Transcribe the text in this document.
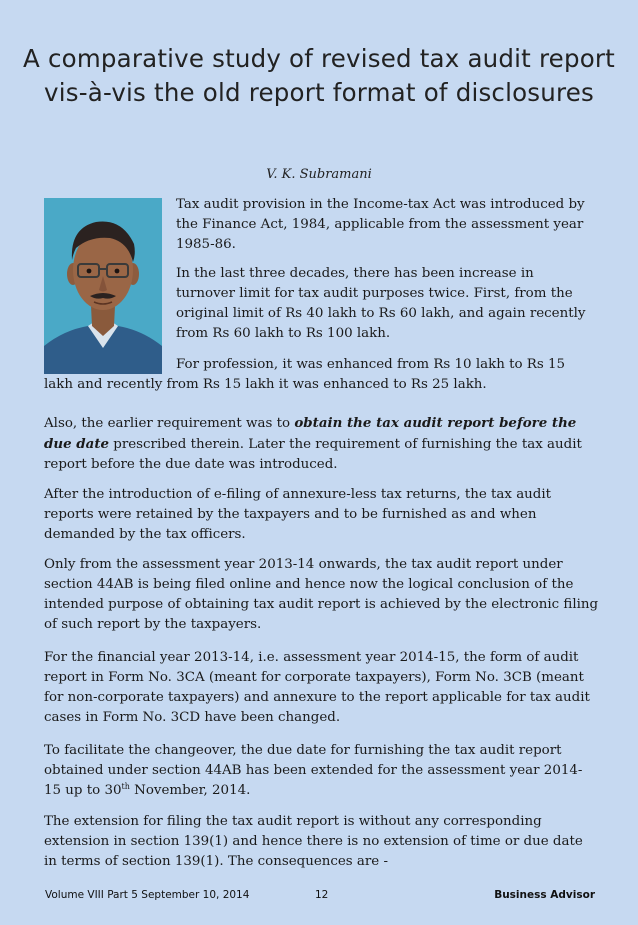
A comparative study of revised tax audit report vis-à-vis the old report format of disclosures
V. K. Subramani

Tax audit provision in the Income-tax Act was introduced by the Finance Act, 1984, applicable from the assessment year 1985-86.

In the last three decades, there has been increase in turnover limit for tax audit purposes twice. First, from the original limit of Rs 40 lakh to Rs 60 lakh, and again recently from Rs 60 lakh to Rs 100 lakh.

For profession, it was enhanced from Rs 10 lakh to Rs 15 lakh and recently from Rs 15 lakh it was enhanced to Rs 25 lakh.

Also, the earlier requirement was to obtain the tax audit report before the due date prescribed therein. Later the requirement of furnishing the tax audit report before the due date was introduced.

After the introduction of e-filing of annexure-less tax returns, the tax audit reports were retained by the taxpayers and to be furnished as and when demanded by the tax officers.

Only from the assessment year 2013-14 onwards, the tax audit report under section 44AB is being filed online and hence now the logical conclusion of the intended purpose of obtaining tax audit report is achieved by the electronic filing of such report by the taxpayers.

For the financial year 2013-14, i.e. assessment year 2014-15, the form of audit report in Form No. 3CA (meant for corporate taxpayers), Form No. 3CB (meant for non-corporate taxpayers) and annexure to the report applicable for tax audit cases in Form No. 3CD have been changed.

To facilitate the changeover, the due date for furnishing the tax audit report obtained under section 44AB has been extended for the assessment year 2014-15 up to 30th November, 2014.

The extension for filing the tax audit report is without any corresponding extension in section 139(1) and hence there is no extension of time or due date in terms of section 139(1). The consequences are -

Volume VIII Part 5 September 10, 2014	12	Business Advisor
